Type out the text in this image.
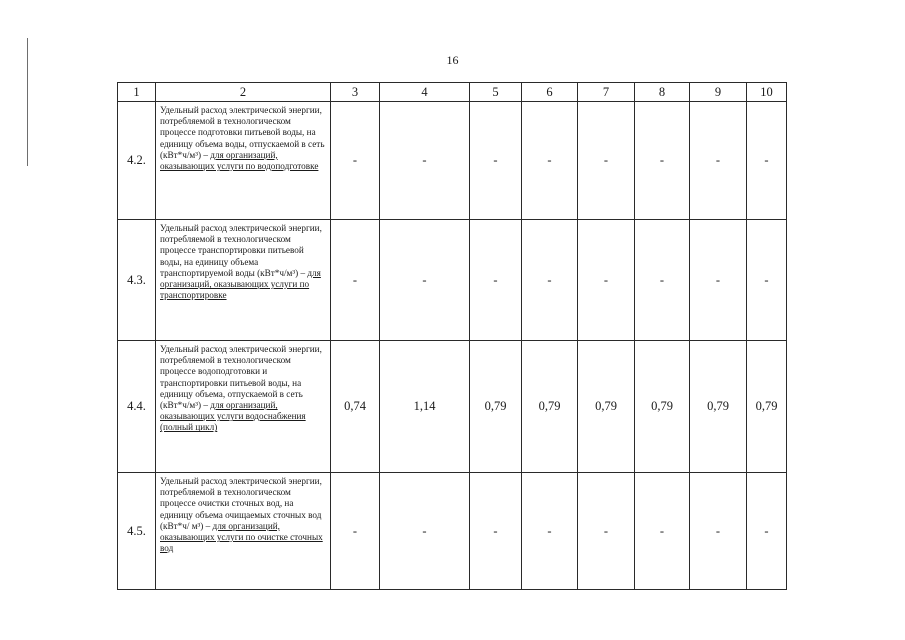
16
1	2	3	4	5	6	7	8	9	10
4.2.	Удельный расход электрической энергии, потребляемой в технологическом процессе подготовки питьевой воды, на единицу объема воды, отпускаемой в сеть (кВт*ч/м³) – для организаций, оказывающих услуги по водоподготовке	-	-	-	-	-	-	-	-
4.3.	Удельный расход электрической энергии, потребляемой в технологическом процессе транспортировки питьевой воды, на единицу объема транспортируемой воды (кВт*ч/м³) – для организаций, оказывающих услуги по транспортировке	-	-	-	-	-	-	-	-
4.4.	Удельный расход электрической энергии, потребляемой в технологическом процессе водоподготовки и транспортировки питьевой воды, на единицу объема, отпускаемой в сеть (кВт*ч/м³) – для организаций, оказывающих услуги водоснабжения (полный цикл)	0,74	1,14	0,79	0,79	0,79	0,79	0,79	0,79
4.5.	Удельный расход электрической энергии, потребляемой в технологическом процессе очистки сточных вод, на единицу объема очищаемых сточных вод (кВт*ч/ м³) – для организаций, оказывающих услуги по очистке сточных вод	-	-	-	-	-	-	-	-
